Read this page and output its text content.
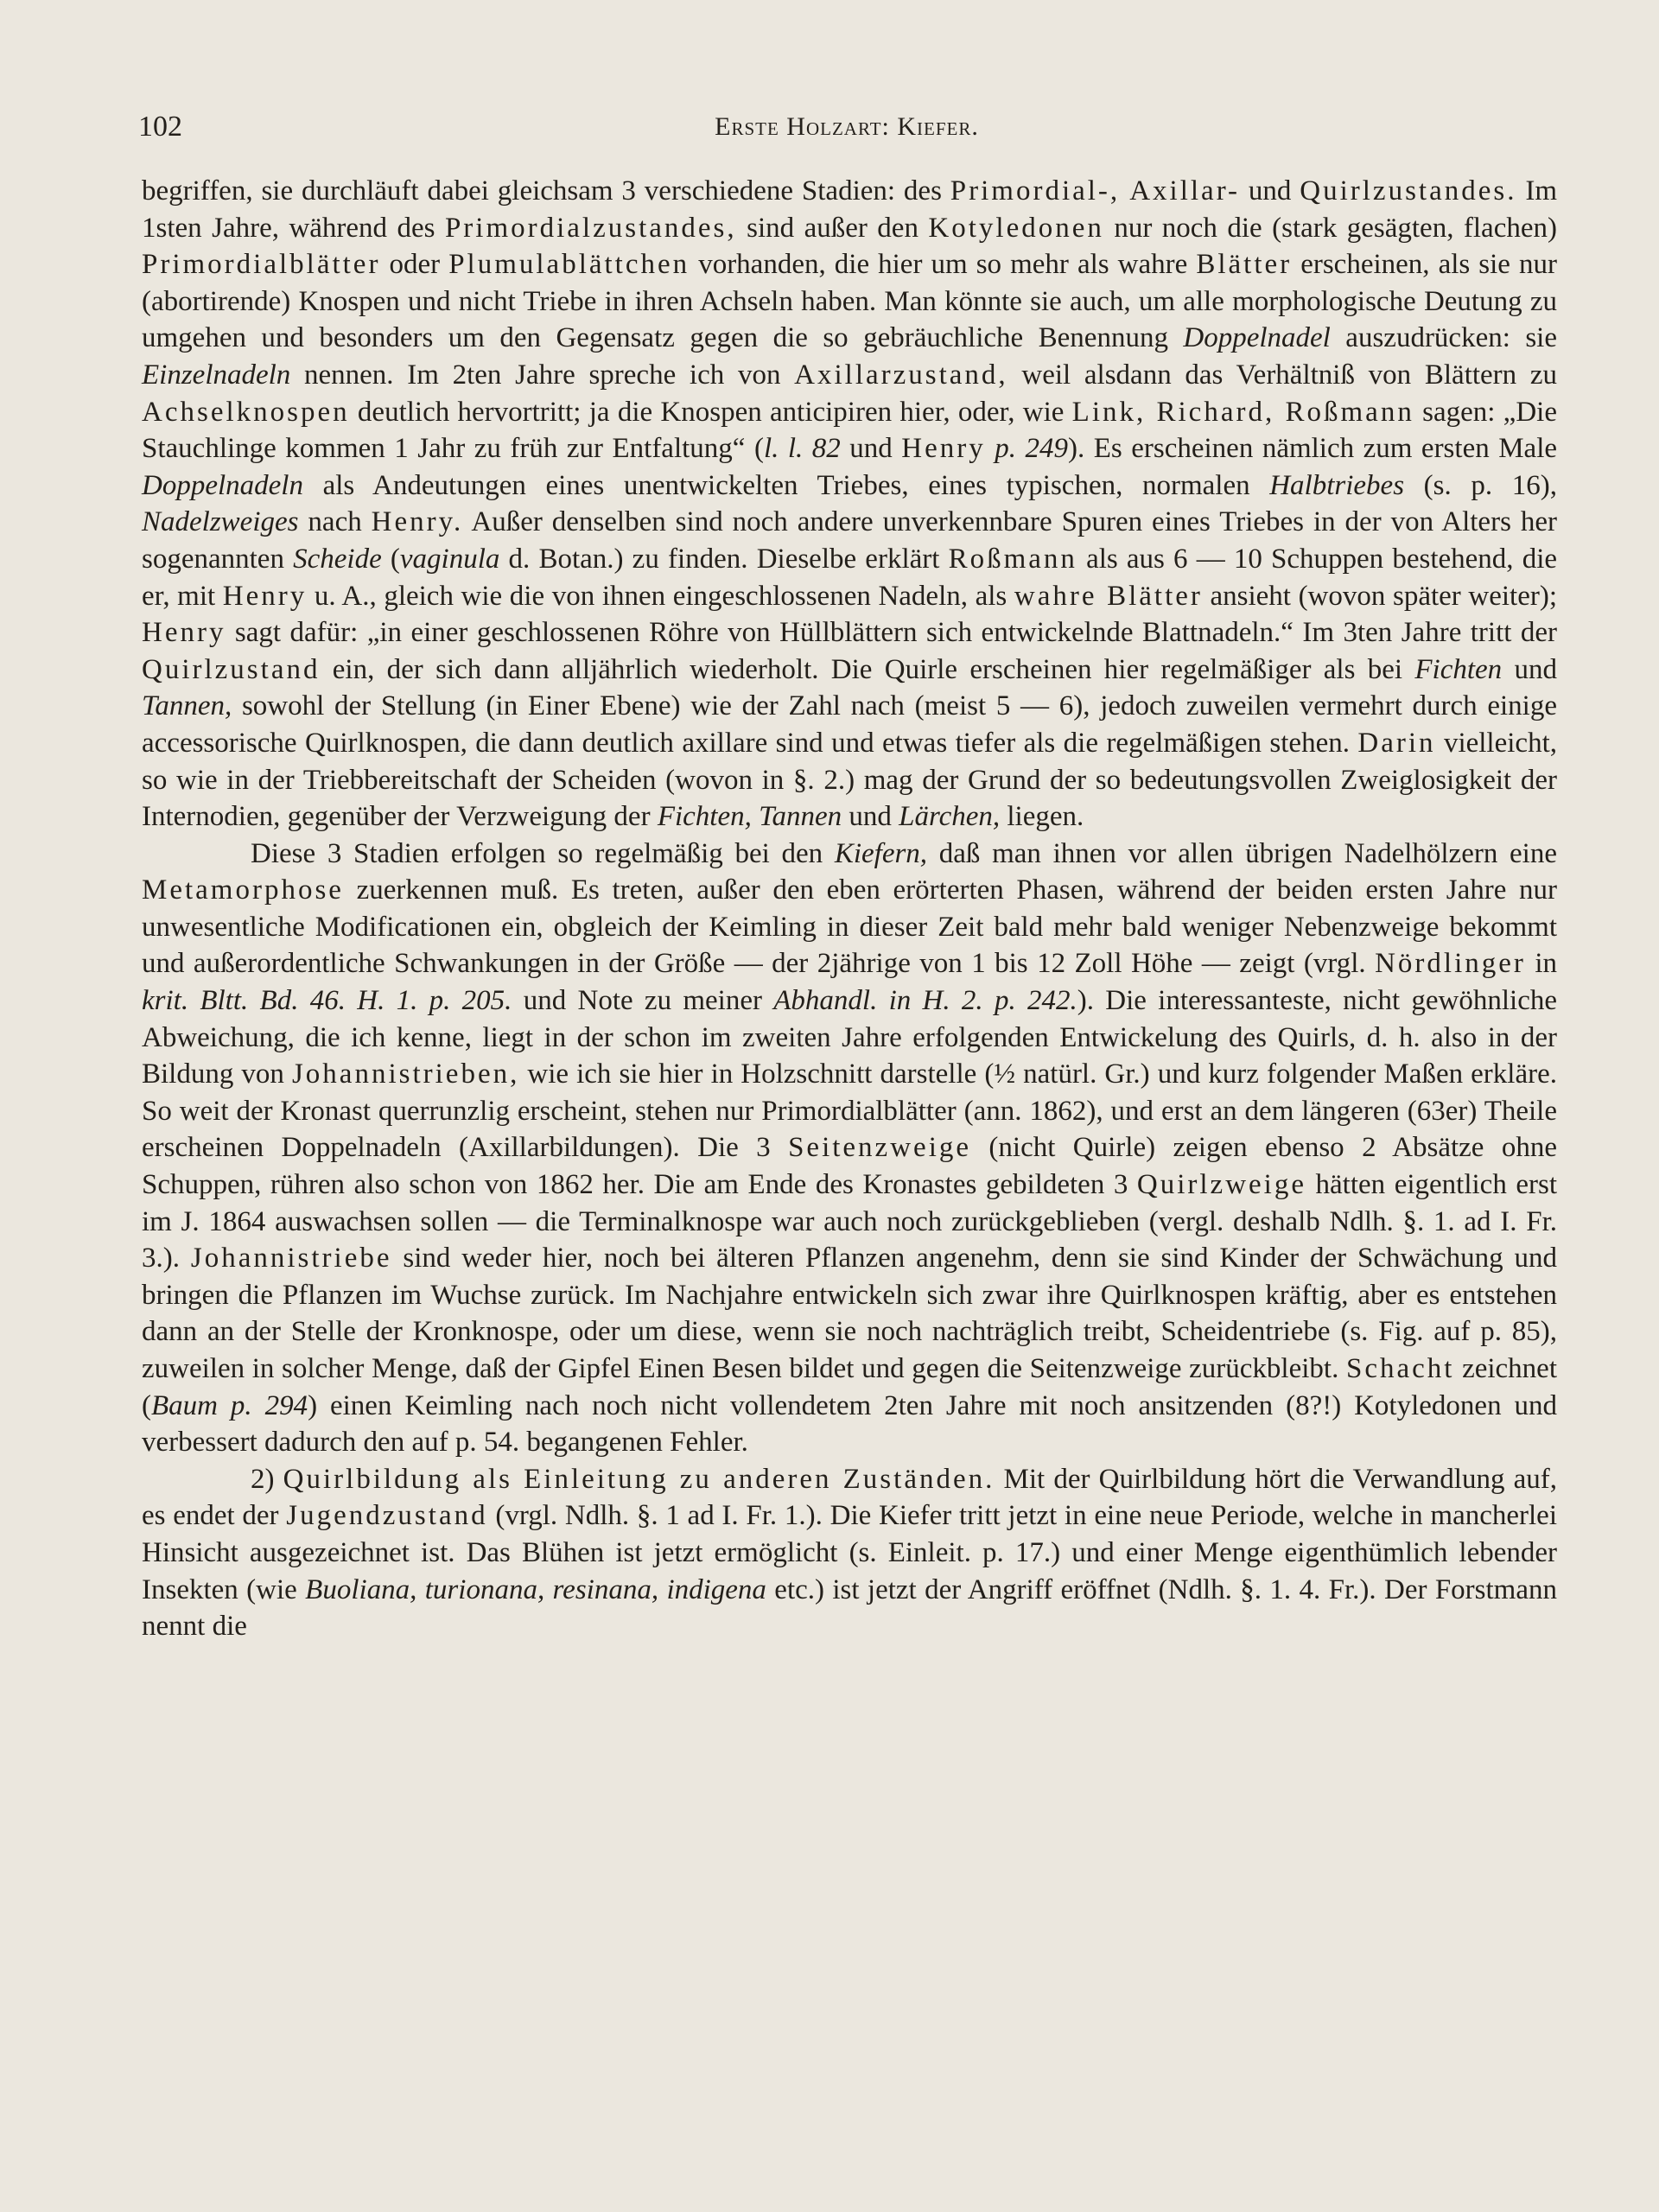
102	Erste Holzart: Kiefer.

begriffen, sie durchläuft dabei gleichsam 3 verschiedene Stadien: des Primordial-, Axillar- und Quirlzustandes. Im 1sten Jahre, während des Primordialzustandes, sind außer den Kotyledonen nur noch die (stark gesägten, flachen) Primordialblätter oder Plumulablättchen vorhanden, die hier um so mehr als wahre Blätter erscheinen, als sie nur (abortirende) Knospen und nicht Triebe in ihren Achseln haben. Man könnte sie auch, um alle morphologische Deutung zu umgehen und besonders um den Gegensatz gegen die so gebräuchliche Benennung Doppelnadel auszudrücken: sie Einzelnadeln nennen. Im 2ten Jahre spreche ich von Axillarzustand, weil alsdann das Verhältniß von Blättern zu Achselknospen deutlich hervortritt; ja die Knospen anticipiren hier, oder, wie Link, Richard, Roßmann sagen: „Die Stauchlinge kommen 1 Jahr zu früh zur Entfaltung“ (l. l. 82 und Henry p. 249). Es erscheinen nämlich zum ersten Male Doppelnadeln als Andeutungen eines unentwickelten Triebes, eines typischen, normalen Halbtriebes (s. p. 16), Nadelzweiges nach Henry. Außer denselben sind noch andere unverkennbare Spuren eines Triebes in der von Alters her sogenannten Scheide (vaginula d. Botan.) zu finden. Dieselbe erklärt Roßmann als aus 6 — 10 Schuppen bestehend, die er, mit Henry u. A., gleich wie die von ihnen eingeschlossenen Nadeln, als wahre Blätter ansieht (wovon später weiter); Henry sagt dafür: „in einer geschlossenen Röhre von Hüllblättern sich entwickelnde Blattnadeln.“ Im 3ten Jahre tritt der Quirlzustand ein, der sich dann alljährlich wiederholt. Die Quirle erscheinen hier regelmäßiger als bei Fichten und Tannen, sowohl der Stellung (in Einer Ebene) wie der Zahl nach (meist 5 — 6), jedoch zuweilen vermehrt durch einige accessorische Quirlknospen, die dann deutlich axillare sind und etwas tiefer als die regelmäßigen stehen. Darin vielleicht, so wie in der Triebbereitschaft der Scheiden (wovon in §. 2.) mag der Grund der so bedeutungsvollen Zweiglosigkeit der Internodien, gegenüber der Verzweigung der Fichten, Tannen und Lärchen, liegen.

Diese 3 Stadien erfolgen so regelmäßig bei den Kiefern, daß man ihnen vor allen übrigen Nadelhölzern eine Metamorphose zuerkennen muß. Es treten, außer den eben erörterten Phasen, während der beiden ersten Jahre nur unwesentliche Modificationen ein, obgleich der Keimling in dieser Zeit bald mehr bald weniger Nebenzweige bekommt und außerordentliche Schwankungen in der Größe — der 2jährige von 1 bis 12 Zoll Höhe — zeigt (vrgl. Nördlinger in krit. Bltt. Bd. 46. H. 1. p. 205. und Note zu meiner Abhandl. in H. 2. p. 242.). Die interessanteste, nicht gewöhnliche Abweichung, die ich kenne, liegt in der schon im zweiten Jahre erfolgenden Entwickelung des Quirls, d. h. also in der Bildung von Johannistrieben, wie ich sie hier in Holzschnitt darstelle (½ natürl. Gr.) und kurz folgender Maßen erkläre. So weit der Kronast querrunzlig erscheint, stehen nur Primordialblätter (ann. 1862), und erst an dem längeren (63er) Theile erscheinen Doppelnadeln (Axillarbildungen). Die 3 Seitenzweige (nicht Quirle) zeigen ebenso 2 Absätze ohne Schuppen, rühren also schon von 1862 her. Die am Ende des Kronastes gebildeten 3 Quirlzweige hätten eigentlich erst im J. 1864 auswachsen sollen — die Terminalknospe war auch noch zurückgeblieben (vergl. deshalb Ndlh. §. 1. ad I. Fr. 3.). Johannistriebe sind weder hier, noch bei älteren Pflanzen angenehm, denn sie sind Kinder der Schwächung und bringen die Pflanzen im Wuchse zurück. Im Nachjahre entwickeln sich zwar ihre Quirlknospen kräftig, aber es entstehen dann an der Stelle der Kronknospe, oder um diese, wenn sie noch nachträglich treibt, Scheidentriebe (s. Fig. auf p. 85), zuweilen in solcher Menge, daß der Gipfel Einen Besen bildet und gegen die Seitenzweige zurückbleibt. Schacht zeichnet (Baum p. 294) einen Keimling nach noch nicht vollendetem 2ten Jahre mit noch ansitzenden (8?!) Kotyledonen und verbessert dadurch den auf p. 54. begangenen Fehler.

2) Quirlbildung als Einleitung zu anderen Zuständen. Mit der Quirlbildung hört die Verwandlung auf, es endet der Jugendzustand (vrgl. Ndlh. §. 1 ad I. Fr. 1.). Die Kiefer tritt jetzt in eine neue Periode, welche in mancherlei Hinsicht ausgezeichnet ist. Das Blühen ist jetzt ermöglicht (s. Einleit. p. 17.) und einer Menge eigenthümlich lebender Insekten (wie Buoliana, turionana, resinana, indigena etc.) ist jetzt der Angriff eröffnet (Ndlh. §. 1. 4. Fr.). Der Forstmann nennt die
